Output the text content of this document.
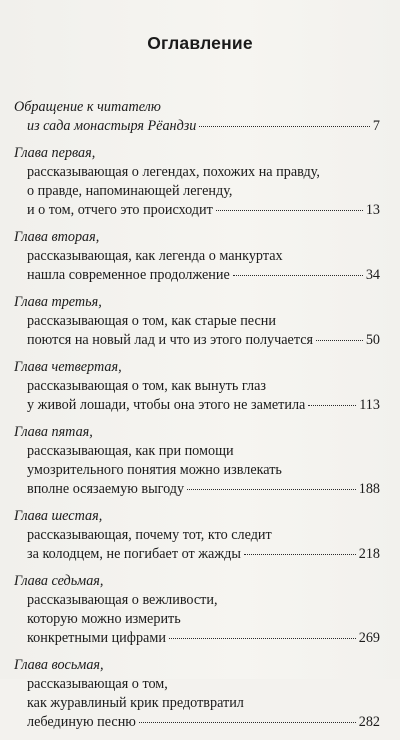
Оглавление
Обращение к читателю
из сада монастыря Рёандзи	7
Глава первая,
рассказывающая о легендах, похожих на правду,
о правде, напоминающей легенду,
и о том, отчего это происходит	13
Глава вторая,
рассказывающая, как легенда о манкуртах
нашла современное продолжение	34
Глава третья,
рассказывающая о том, как старые песни
поются на новый лад и что из этого получается	50
Глава четвертая,
рассказывающая о том, как вынуть глаз
у живой лошади, чтобы она этого не заметила	113
Глава пятая,
рассказывающая, как при помощи
умозрительного понятия можно извлекать
вполне осязаемую выгоду	188
Глава шестая,
рассказывающая, почему тот, кто следит
за колодцем, не погибает от жажды	218
Глава седьмая,
рассказывающая о вежливости,
которую можно измерить
конкретными цифрами	269
Глава восьмая,
рассказывающая о том,
как журавлиный крик предотвратил
лебединую песню	282
